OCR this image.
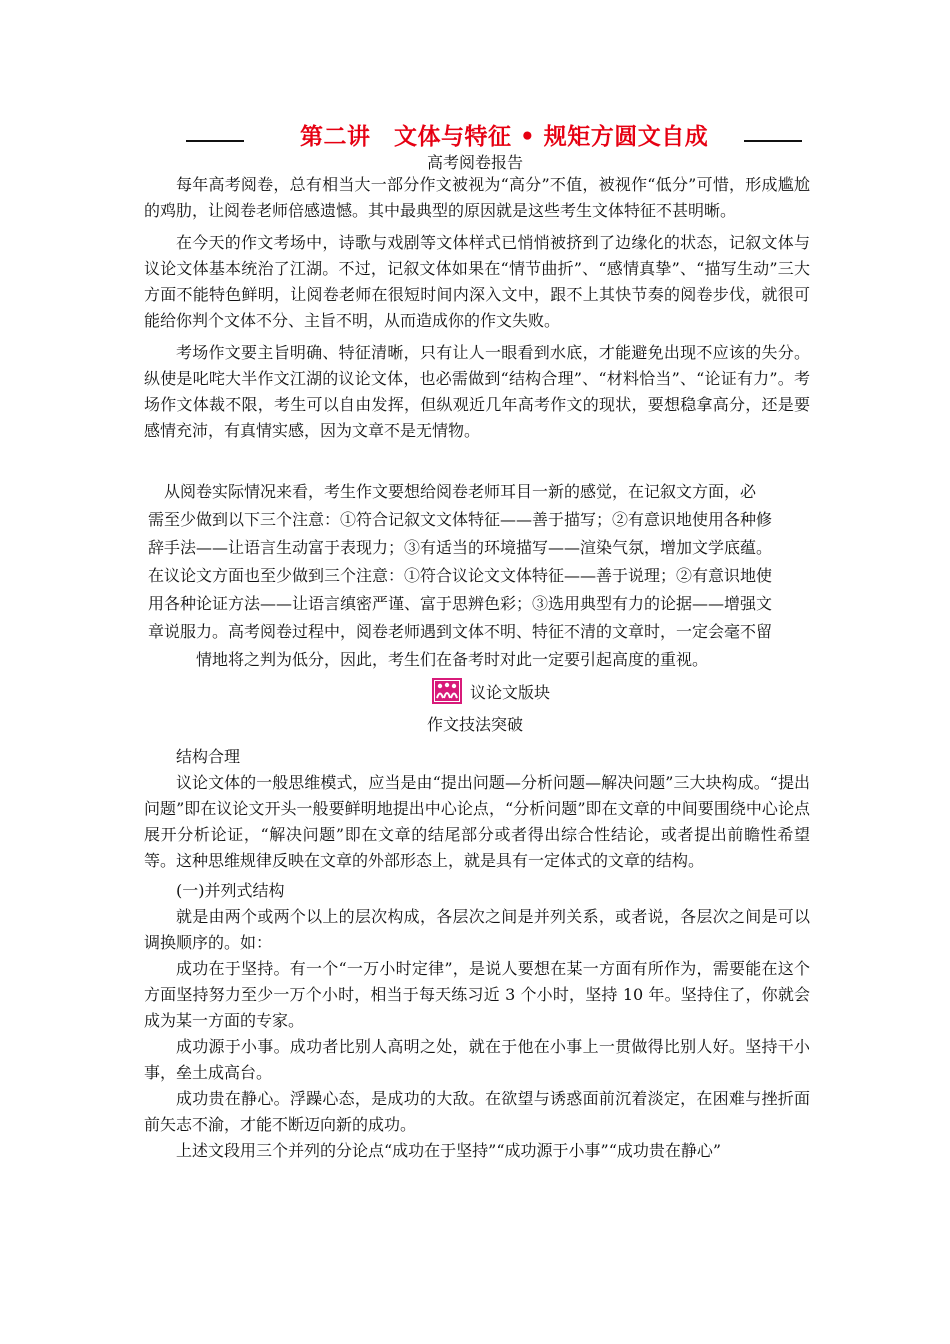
第二讲　文体与特征 • 规矩方圆文自成
高考阅卷报告

每年高考阅卷，总有相当大一部分作文被视为“高分”不值，被视作“低分”可惜，形成尴尬的鸡肋，让阅卷老师倍感遗憾。其中最典型的原因就是这些考生文体特征不甚明晰。

在今天的作文考场中，诗歌与戏剧等文体样式已悄悄被挤到了边缘化的状态，记叙文体与议论文体基本统治了江湖。不过，记叙文体如果在“情节曲折”、“感情真挚”、“描写生动”三大方面不能特色鲜明，让阅卷老师在很短时间内深入文中，跟不上其快节奏的阅卷步伐，就很可能给你判个文体不分、主旨不明，从而造成你的作文失败。

考场作文要主旨明确、特征清晰，只有让人一眼看到水底，才能避免出现不应该的失分。纵使是叱咤大半作文江湖的议论文体，也必需做到“结构合理”、“材料恰当”、“论证有力”。考场作文体裁不限，考生可以自由发挥，但纵观近几年高考作文的现状，要想稳拿高分，还是要感情充沛，有真情实感，因为文章不是无情物。

　从阅卷实际情况来看，考生作文要想给阅卷老师耳目一新的感觉，在记叙文方面，必
需至少做到以下三个注意：①符合记叙文文体特征——善于描写；②有意识地使用各种修
辞手法——让语言生动富于表现力；③有适当的环境描写——渲染气氛，增加文学底蕴。
在议论文方面也至少做到三个注意：①符合议论文文体特征——善于说理；②有意识地使
用各种论证方法——让语言缜密严谨、富于思辨色彩；③选用典型有力的论据——增强文
章说服力。高考阅卷过程中，阅卷老师遇到文体不明、特征不清的文章时，一定会毫不留
　　　情地将之判为低分，因此，考生们在备考时对此一定要引起高度的重视。
议论文版块
作文技法突破

结构合理

议论文体的一般思维模式，应当是由“提出问题—分析问题—解决问题”三大块构成。“提出问题”即在议论文开头一般要鲜明地提出中心论点，“分析问题”即在文章的中间要围绕中心论点展开分析论证，“解决问题”即在文章的结尾部分或者得出综合性结论，或者提出前瞻性希望等。这种思维规律反映在文章的外部形态上，就是具有一定体式的文章的结构。

(一)并列式结构

就是由两个或两个以上的层次构成，各层次之间是并列关系，或者说，各层次之间是可以调换顺序的。如：

成功在于坚持。有一个“一万小时定律”，是说人要想在某一方面有所作为，需要能在这个方面坚持努力至少一万个小时，相当于每天练习近 3 个小时，坚持 10 年。坚持住了，你就会成为某一方面的专家。

成功源于小事。成功者比别人高明之处，就在于他在小事上一贯做得比别人好。坚持干小事，垒土成高台。

成功贵在静心。浮躁心态，是成功的大敌。在欲望与诱惑面前沉着淡定，在困难与挫折面前矢志不渝，才能不断迈向新的成功。

上述文段用三个并列的分论点“成功在于坚持”“成功源于小事”“成功贵在静心”
